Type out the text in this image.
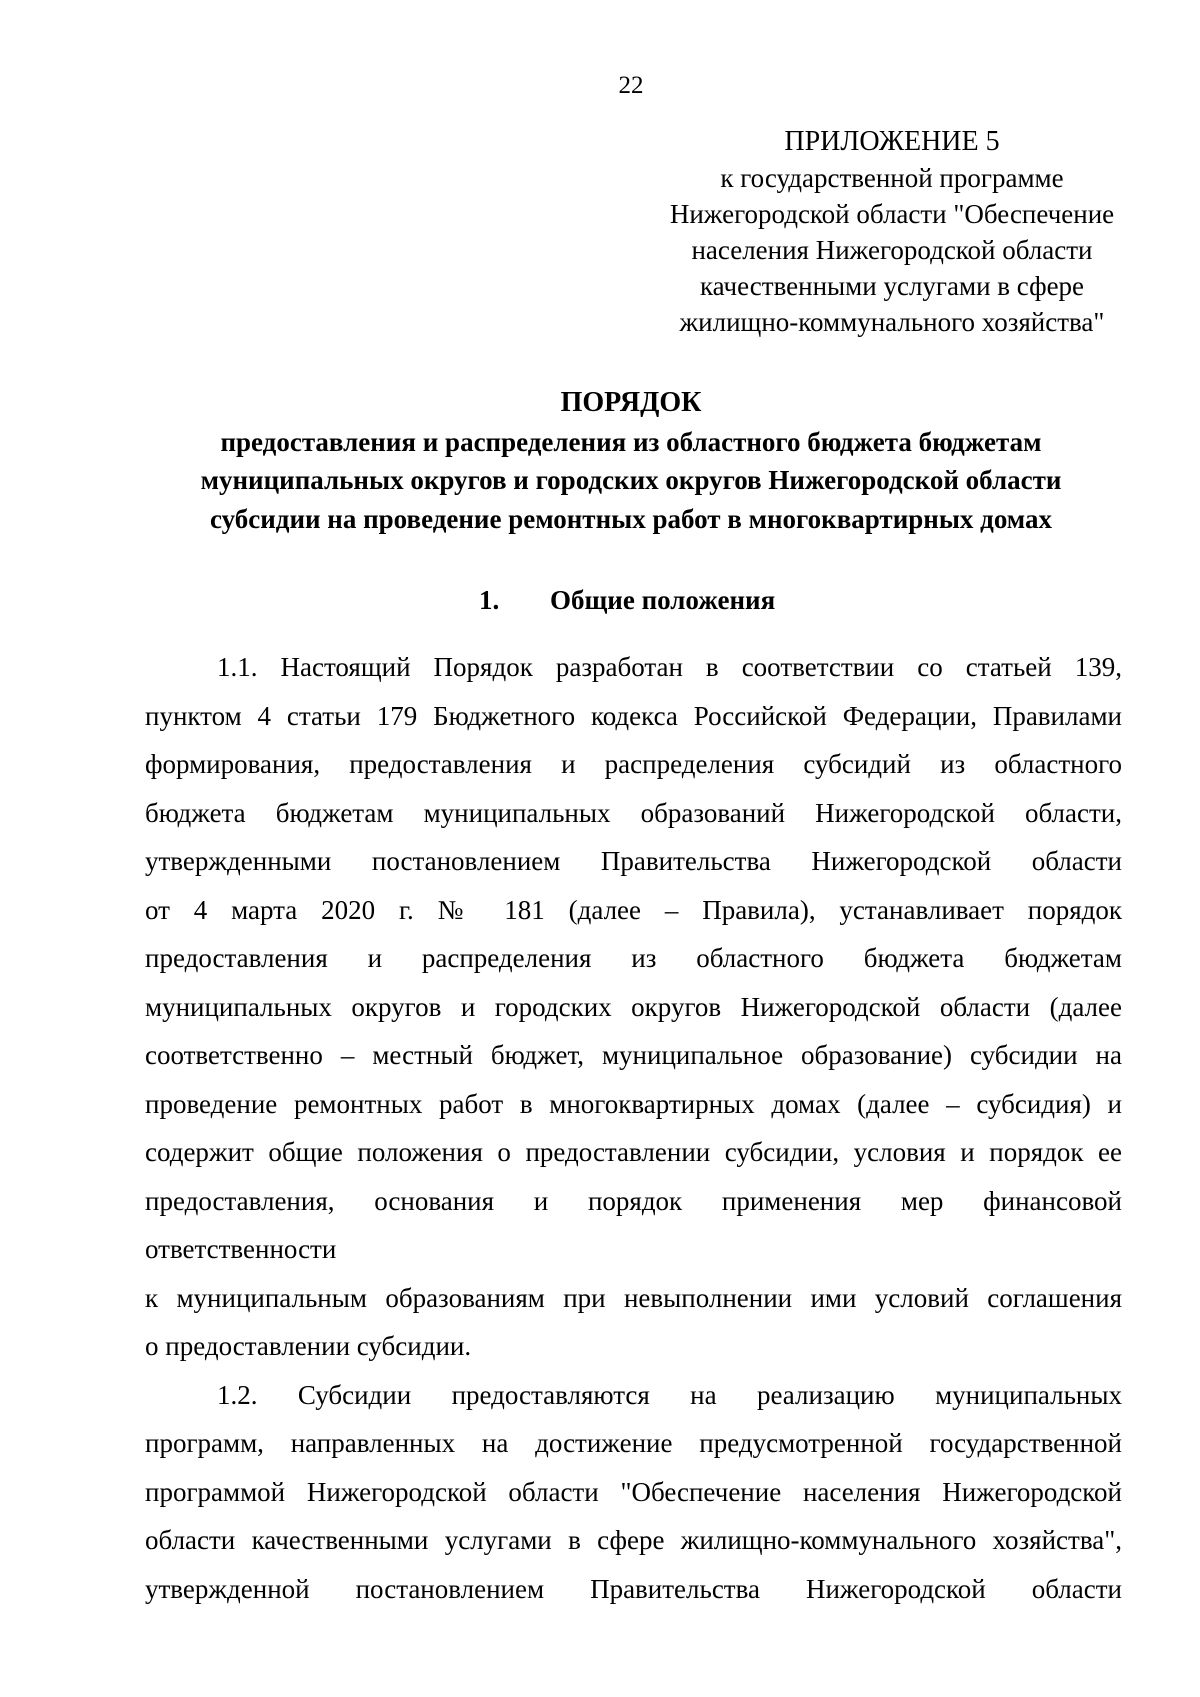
22
ПРИЛОЖЕНИЕ 5
к государственной программе
Нижегородской области "Обеспечение
населения Нижегородской области
качественными услугами в сфере
жилищно-коммунального хозяйства"
ПОРЯДОК
предоставления и распределения из областного бюджета бюджетам
муниципальных округов и городских округов Нижегородской области
субсидии на проведение ремонтных работ в многоквартирных домах
1. Общие положения
1.1. Настоящий Порядок разработан в соответствии со статьей 139,
пунктом 4 статьи 179 Бюджетного кодекса Российской Федерации, Правилами
формирования, предоставления и распределения субсидий из областного
бюджета бюджетам муниципальных образований Нижегородской области,
утвержденными постановлением Правительства Нижегородской области
от 4 марта 2020 г. № 181 (далее – Правила), устанавливает порядок
предоставления и распределения из областного бюджета бюджетам
муниципальных округов и городских округов Нижегородской области (далее
соответственно – местный бюджет, муниципальное образование) субсидии на
проведение ремонтных работ в многоквартирных домах (далее – субсидия) и
содержит общие положения о предоставлении субсидии, условия и порядок ее
предоставления, основания и порядок применения мер финансовой
ответственности
к муниципальным образованиям при невыполнении ими условий соглашения
о предоставлении субсидии.
1.2. Субсидии предоставляются на реализацию муниципальных
программ, направленных на достижение предусмотренной государственной
программой Нижегородской области "Обеспечение населения Нижегородской
области качественными услугами в сфере жилищно-коммунального хозяйства",
утвержденной постановлением Правительства Нижегородской области
